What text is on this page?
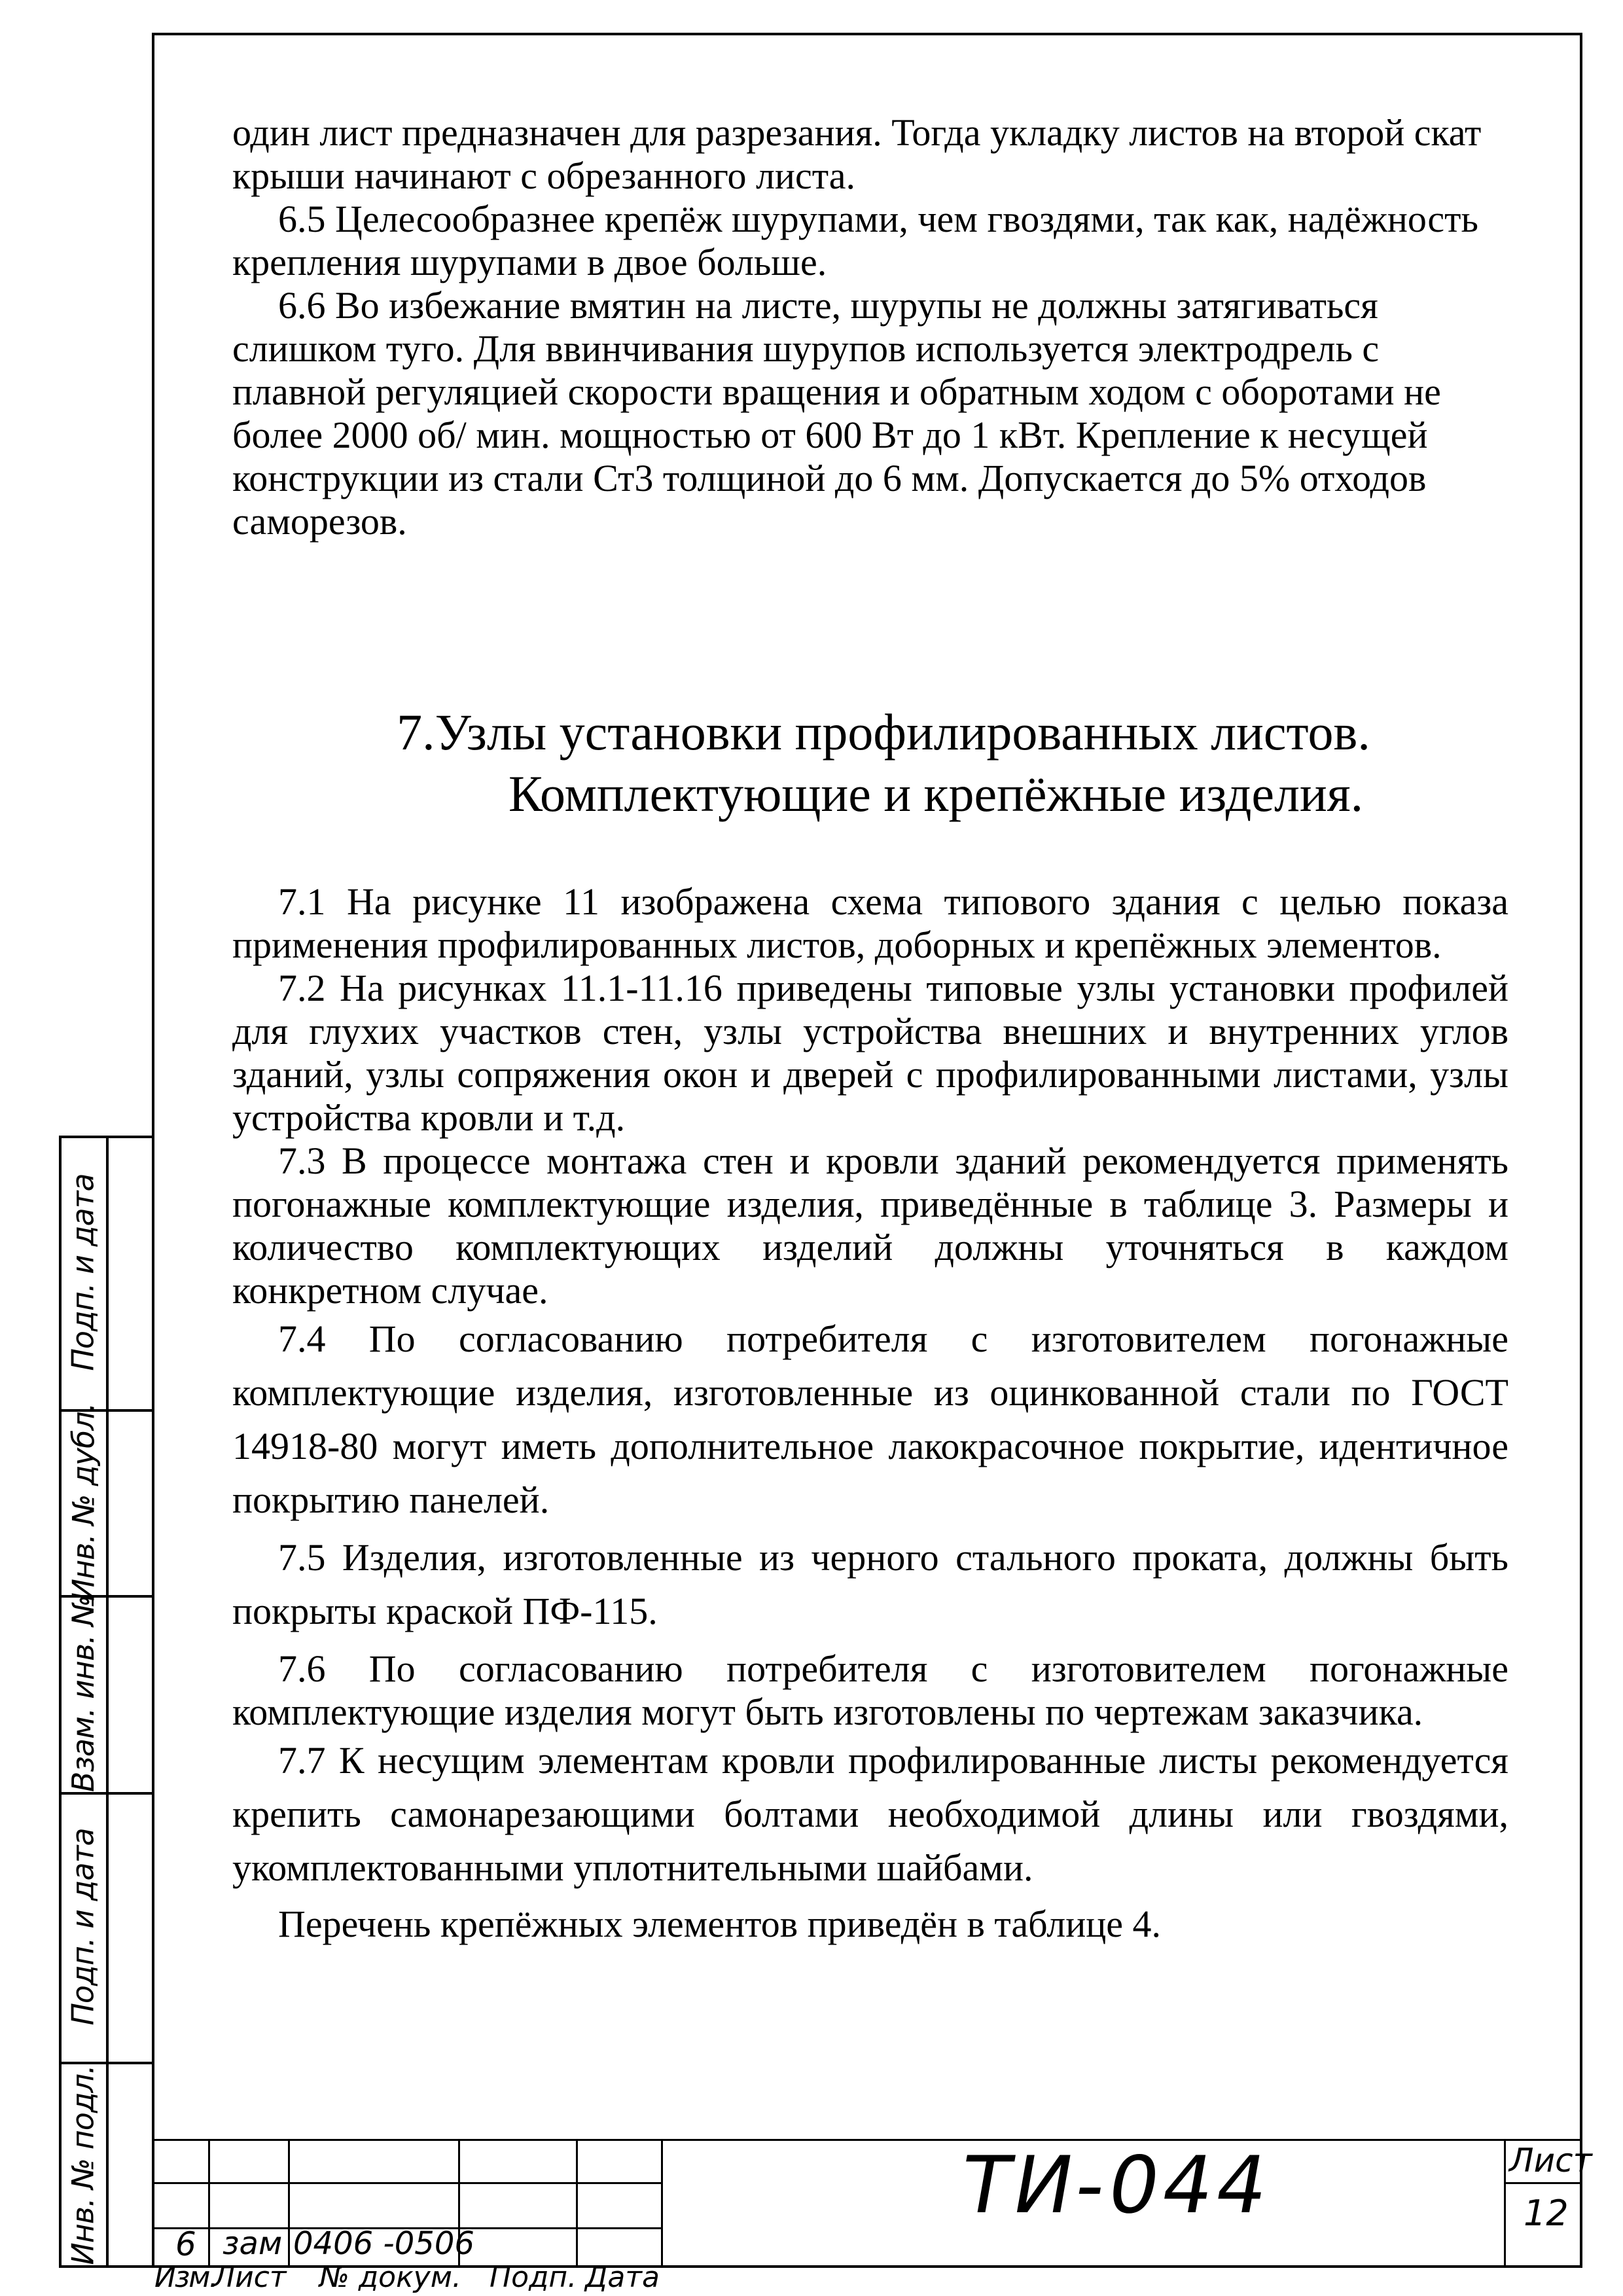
один лист предназначен для разрезания. Тогда укладку листов на второй скат крыши начинают с обрезанного листа.

6.5 Целесообразнее крепёж шурупами, чем гвоздями, так как, надёжность крепления шурупами в двое больше.

6.6 Во избежание вмятин на листе, шурупы не должны затягиваться слишком туго. Для ввинчивания шурупов используется электродрель с плавной регуляцией скорости вращения и обратным ходом с оборотами не более 2000 об/ мин. мощностью от 600 Вт до 1 кВт. Крепление к несущей конструкции из стали Ст3 толщиной до 6 мм. Допускается до 5% отходов саморезов.

7.Узлы установки профилированных листов.
Комплектующие и крепёжные изделия.

7.1 На рисунке 11 изображена схема типового здания с целью показа применения профилированных листов, доборных и крепёжных элементов.

7.2 На рисунках 11.1-11.16 приведены типовые узлы установки профилей для глухих участков стен, узлы устройства внешних и внутренних углов зданий, узлы сопряжения окон и дверей с профилированными листами, узлы устройства кровли и т.д.

7.3 В процессе монтажа стен и кровли зданий рекомендуется применять погонажные комплектующие изделия, приведённые в таблице 3. Размеры и количество комплектующих изделий должны уточняться в каждом конкретном случае.

7.4 По согласованию потребителя с изготовителем погонажные комплектующие изделия, изготовленные из оцинкованной стали по ГОСТ 14918-80 могут иметь дополнительное лакокрасочное покрытие, идентичное покрытию панелей.

7.5 Изделия, изготовленные из черного стального проката, должны быть покрыты краской ПФ-115.

7.6 По согласованию потребителя с изготовителем погонажные комплектующие изделия могут быть изготовлены по чертежам заказчика.

7.7 К несущим элементам кровли профилированные листы рекомендуется крепить самонарезающими болтами необходимой длины или гвоздями, укомплектованными уплотнительными шайбами.

Перечень крепёжных элементов приведён в таблице 4.

Подп. и дата
Инв. № дубл.
Взам. инв. №
Подп. и дата
Инв. № подл. 6 зам 0406 -0506
Изм.
Лист № докум. Подп. Дата
ТИ-044	Лист
12
